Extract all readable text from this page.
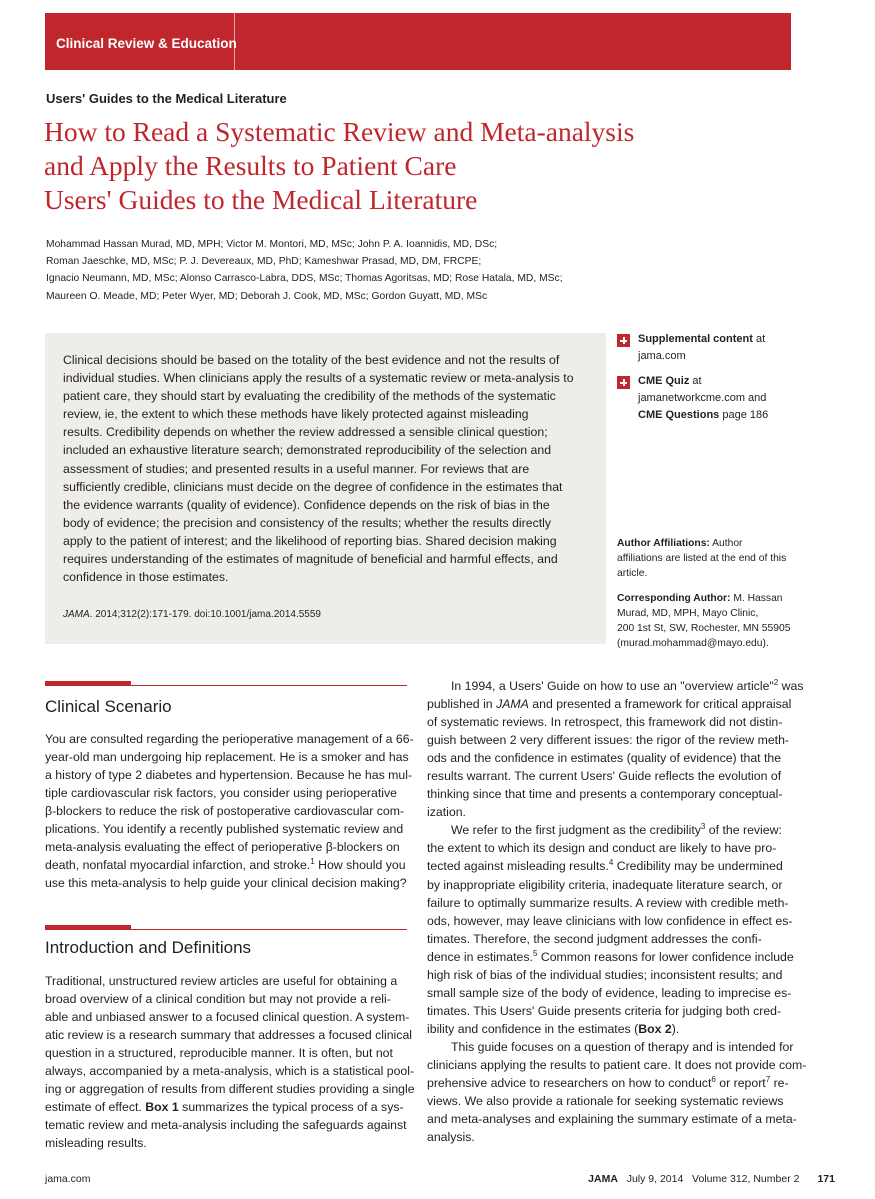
Clinical Review & Education
Users' Guides to the Medical Literature
How to Read a Systematic Review and Meta-analysis
and Apply the Results to Patient Care
Users' Guides to the Medical Literature
Mohammad Hassan Murad, MD, MPH; Victor M. Montori, MD, MSc; John P. A. Ioannidis, MD, DSc;
Roman Jaeschke, MD, MSc; P. J. Devereaux, MD, PhD; Kameshwar Prasad, MD, DM, FRCPE;
Ignacio Neumann, MD, MSc; Alonso Carrasco-Labra, DDS, MSc; Thomas Agoritsas, MD; Rose Hatala, MD, MSc;
Maureen O. Meade, MD; Peter Wyer, MD; Deborah J. Cook, MD, MSc; Gordon Guyatt, MD, MSc
Clinical decisions should be based on the totality of the best evidence and not the results of
individual studies. When clinicians apply the results of a systematic review or meta-analysis to
patient care, they should start by evaluating the credibility of the methods of the systematic
review, ie, the extent to which these methods have likely protected against misleading
results. Credibility depends on whether the review addressed a sensible clinical question;
included an exhaustive literature search; demonstrated reproducibility of the selection and
assessment of studies; and presented results in a useful manner. For reviews that are
sufficiently credible, clinicians must decide on the degree of confidence in the estimates that
the evidence warrants (quality of evidence). Confidence depends on the risk of bias in the
body of evidence; the precision and consistency of the results; whether the results directly
apply to the patient of interest; and the likelihood of reporting bias. Shared decision making
requires understanding of the estimates of magnitude of beneficial and harmful effects, and
confidence in those estimates.
JAMA. 2014;312(2):171-179. doi:10.1001/jama.2014.5559
Supplemental content at
jama.com
CME Quiz at
jamanetworkcme.com and
CME Questions page 186
Author Affiliations: Author
affiliations are listed at the end of this
article.
Corresponding Author: M. Hassan
Murad, MD, MPH, Mayo Clinic,
200 1st St, SW, Rochester, MN 55905
(murad.mohammad@mayo.edu).
Clinical Scenario
You are consulted regarding the perioperative management of a 66-
year-old man undergoing hip replacement. He is a smoker and has
a history of type 2 diabetes and hypertension. Because he has mul-
tiple cardiovascular risk factors, you consider using perioperative
β-blockers to reduce the risk of postoperative cardiovascular com-
plications. You identify a recently published systematic review and
meta-analysis evaluating the effect of perioperative β-blockers on
death, nonfatal myocardial infarction, and stroke.$^1$ How should you
use this meta-analysis to help guide your clinical decision making?
Introduction and Definitions
Traditional, unstructured review articles are useful for obtaining a
broad overview of a clinical condition but may not provide a reli-
able and unbiased answer to a focused clinical question. A system-
atic review is a research summary that addresses a focused clinical
question in a structured, reproducible manner. It is often, but not
always, accompanied by a meta-analysis, which is a statistical pool-
ing or aggregation of results from different studies providing a single
estimate of effect. Box 1 summarizes the typical process of a sys-
tematic review and meta-analysis including the safeguards against
misleading results.
In 1994, a Users' Guide on how to use an "overview article"$^2$ was
published in JAMA and presented a framework for critical appraisal
of systematic reviews. In retrospect, this framework did not distin-
guish between 2 very different issues: the rigor of the review meth-
ods and the confidence in estimates (quality of evidence) that the
results warrant. The current Users' Guide reflects the evolution of
thinking since that time and presents a contemporary conceptual-
ization.
We refer to the first judgment as the credibility$^3$ of the review:
the extent to which its design and conduct are likely to have pro-
tected against misleading results.$^4$ Credibility may be undermined
by inappropriate eligibility criteria, inadequate literature search, or
failure to optimally summarize results. A review with credible meth-
ods, however, may leave clinicians with low confidence in effect es-
timates. Therefore, the second judgment addresses the confi-
dence in estimates.$^5$ Common reasons for lower confidence include
high risk of bias of the individual studies; inconsistent results; and
small sample size of the body of evidence, leading to imprecise es-
timates. This Users' Guide presents criteria for judging both cred-
ibility and confidence in the estimates (Box 2).
This guide focuses on a question of therapy and is intended for
clinicians applying the results to patient care. It does not provide com-
prehensive advice to researchers on how to conduct$^6$ or report$^7$ re-
views. We also provide a rationale for seeking systematic reviews
and meta-analyses and explaining the summary estimate of a meta-
analysis.
jama.com	JAMA July 9, 2014   Volume 312, Number 2 171
